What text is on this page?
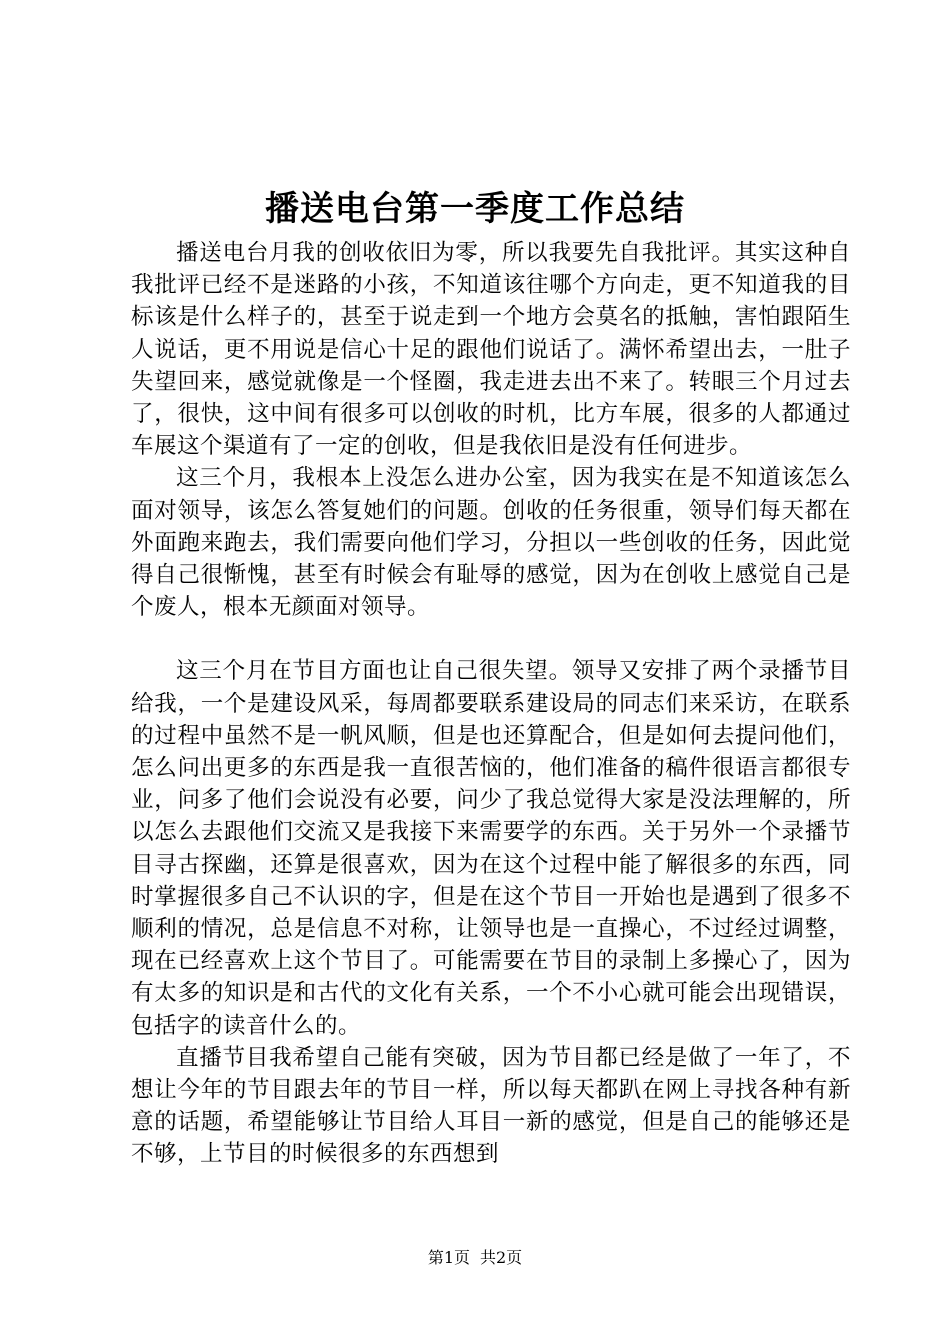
播送电台第一季度工作总结

播送电台月我的创收依旧为零，所以我要先自我批评。其实这种自我批评已经不是迷路的小孩，不知道该往哪个方向走，更不知道我的目标该是什么样子的，甚至于说走到一个地方会莫名的抵触，害怕跟陌生人说话，更不用说是信心十足的跟他们说话了。满怀希望出去，一肚子失望回来，感觉就像是一个怪圈，我走进去出不来了。转眼三个月过去了，很快，这中间有很多可以创收的时机，比方车展，很多的人都通过车展这个渠道有了一定的创收，但是我依旧是没有任何进步。

这三个月，我根本上没怎么进办公室，因为我实在是不知道该怎么面对领导，该怎么答复她们的问题。创收的任务很重，领导们每天都在外面跑来跑去，我们需要向他们学习，分担以一些创收的任务，因此觉得自己很惭愧，甚至有时候会有耻辱的感觉，因为在创收上感觉自己是个废人，根本无颜面对领导。

这三个月在节目方面也让自己很失望。领导又安排了两个录播节目给我，一个是建设风采，每周都要联系建设局的同志们来采访，在联系的过程中虽然不是一帆风顺，但是也还算配合，但是如何去提问他们，怎么问出更多的东西是我一直很苦恼的，他们准备的稿件很语言都很专业，问多了他们会说没有必要，问少了我总觉得大家是没法理解的，所以怎么去跟他们交流又是我接下来需要学的东西。关于另外一个录播节目寻古探幽，还算是很喜欢，因为在这个过程中能了解很多的东西，同时掌握很多自己不认识的字，但是在这个节目一开始也是遇到了很多不顺利的情况，总是信息不对称，让领导也是一直操心，不过经过调整，现在已经喜欢上这个节目了。可能需要在节目的录制上多操心了，因为有太多的知识是和古代的文化有关系，一个不小心就可能会出现错误，包括字的读音什么的。

直播节目我希望自己能有突破，因为节目都已经是做了一年了，不想让今年的节目跟去年的节目一样，所以每天都趴在网上寻找各种有新意的话题，希望能够让节目给人耳目一新的感觉，但是自己的能够还是不够，上节目的时候很多的东西想到

第1页 共2页
